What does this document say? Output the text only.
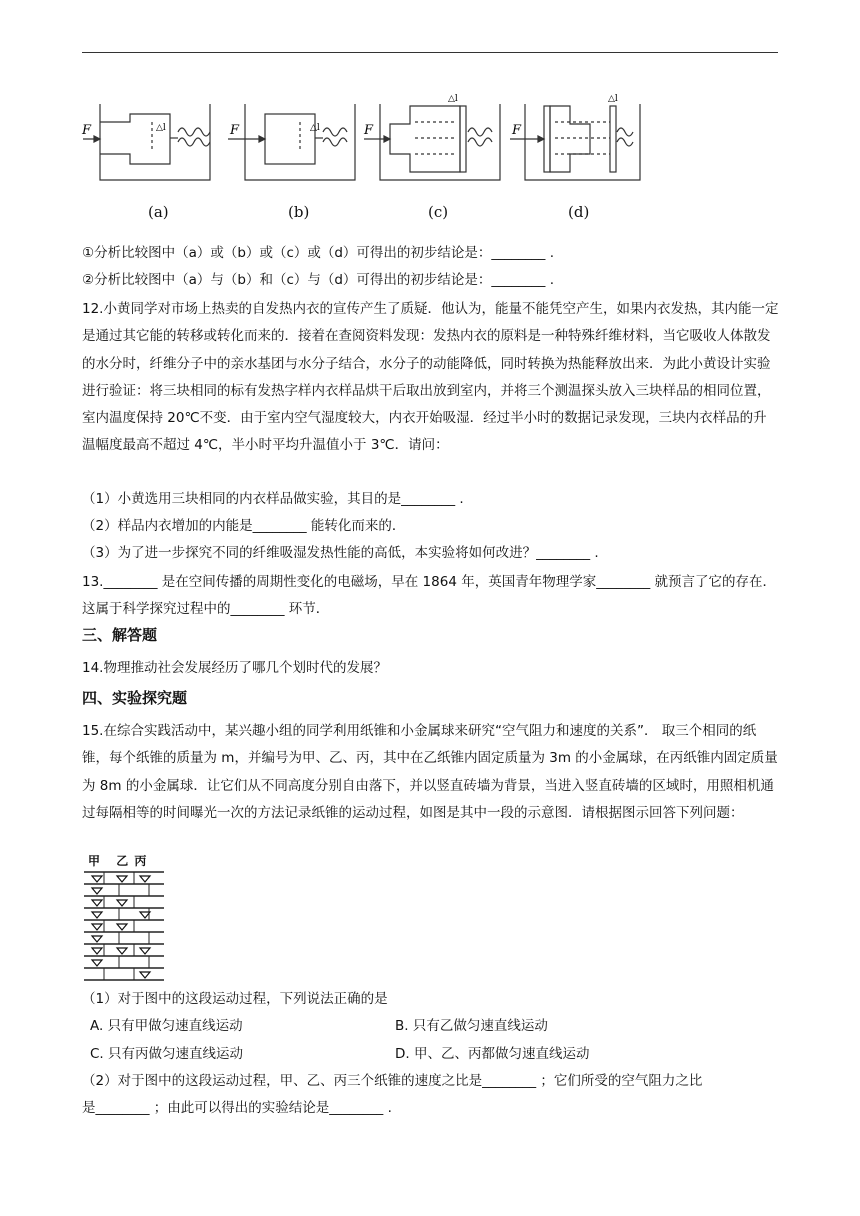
F	F	F	F
△l	△l
△l	△l
(a)	(b)	(c)	(d)
①分析比较图中（a）或（b）或（c）或（d）可得出的初步结论是：________ .
②分析比较图中（a）与（b）和（c）与（d）可得出的初步结论是：________ .
12.小黄同学对市场上热卖的自发热内衣的宣传产生了质疑．他认为，能量不能凭空产生，如果内衣发热，其内能一定是通过其它能的转移或转化而来的．接着在查阅资料发现：发热内衣的原料是一种特殊纤维材料，当它吸收人体散发的水分时，纤维分子中的亲水基团与水分子结合，水分子的动能降低，同时转换为热能释放出来．为此小黄设计实验进行验证：将三块相同的标有发热字样内衣样品烘干后取出放到室内，并将三个测温探头放入三块样品的相同位置，室内温度保持 20℃不变．由于室内空气湿度较大，内衣开始吸湿．经过半小时的数据记录发现，三块内衣样品的升温幅度最高不超过 4℃，半小时平均升温值小于 3℃．请问：
（1）小黄选用三块相同的内衣样品做实验，其目的是________ .
（2）样品内衣增加的内能是________ 能转化而来的．
（3）为了进一步探究不同的纤维吸湿发热性能的高低，本实验将如何改进？________ .
13.________ 是在空间传播的周期性变化的电磁场，早在 1864 年，英国青年物理学家________ 就预言了它的存在．这属于科学探究过程中的________ 环节．
三、解答题
14.物理推动社会发展经历了哪几个划时代的发展？
四、实验探究题
15.在综合实践活动中，某兴趣小组的同学利用纸锥和小金属球来研究“空气阻力和速度的关系”． 取三个相同的纸锥，每个纸锥的质量为 m，并编号为甲、乙、丙，其中在乙纸锥内固定质量为 3m 的小金属球，在丙纸锥内固定质量为 8m 的小金属球．让它们从不同高度分别自由落下，并以竖直砖墙为背景，当进入竖直砖墙的区域时，用照相机通过每隔相等的时间曝光一次的方法记录纸锥的运动过程，如图是其中一段的示意图．请根据图示回答下列问题：
甲 乙 丙
（1）对于图中的这段运动过程，下列说法正确的是
A. 只有甲做匀速直线运动	B. 只有乙做匀速直线运动
C. 只有丙做匀速直线运动	D. 甲、乙、丙都做匀速直线运动
（2）对于图中的这段运动过程，甲、乙、丙三个纸锥的速度之比是________ ；它们所受的空气阻力之比
是________ ；由此可以得出的实验结论是________ .
